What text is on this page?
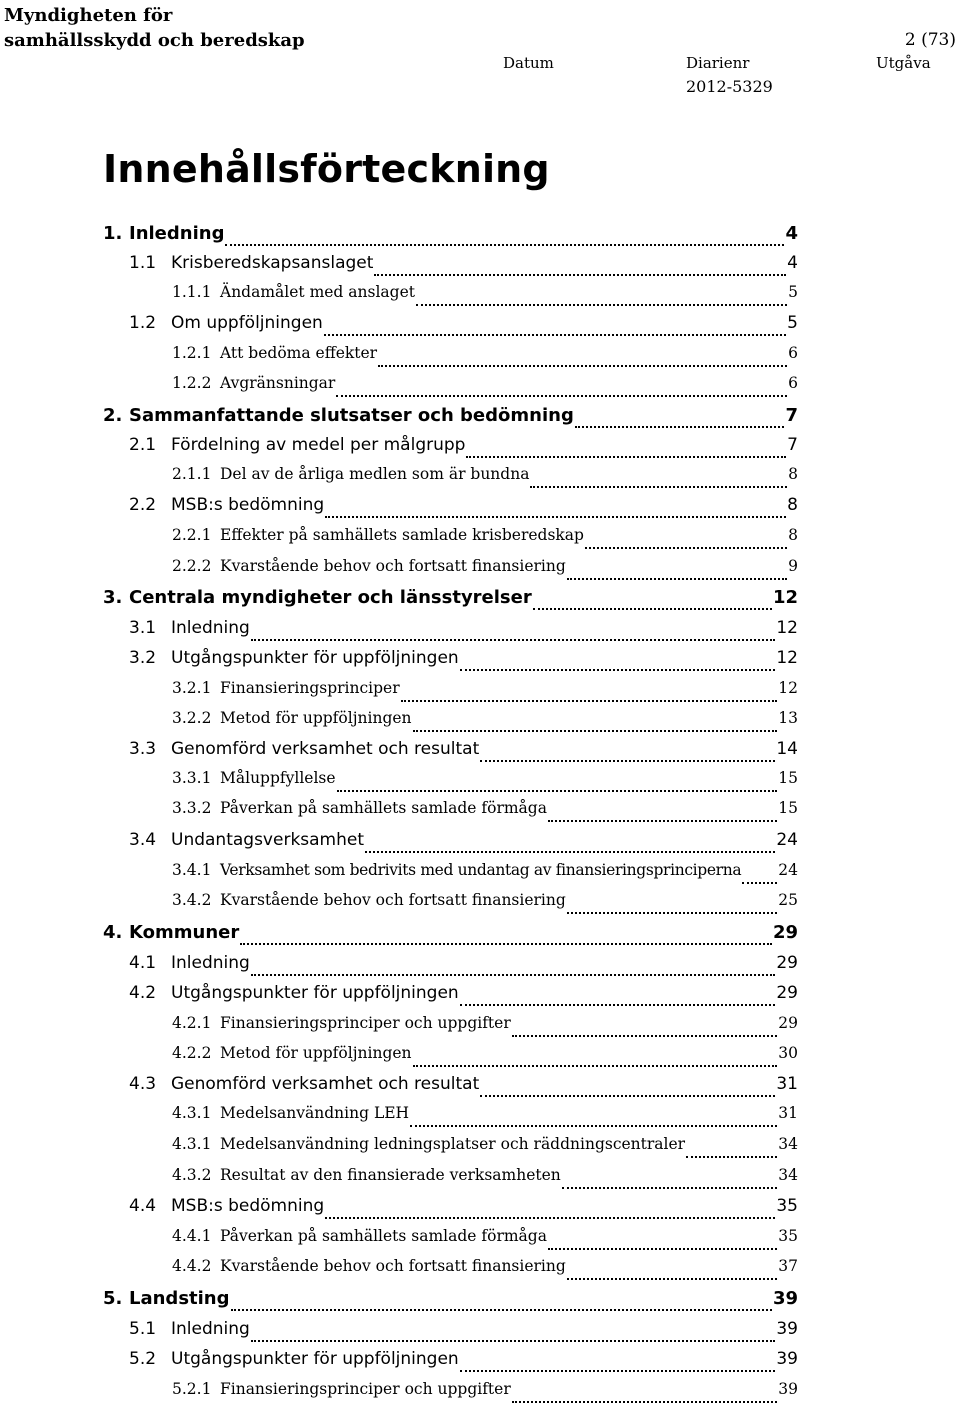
Myndigheten för
samhällsskydd och beredskap	2 (73)
Datum	Diarienr	Utgåva
2012-5329
Innehållsförteckning
1. Inledning	4
1.1 Krisberedskapsanslaget	4
1.1.1 Ändamålet med anslaget	5
1.2 Om uppföljningen	5
1.2.1 Att bedöma effekter	6
1.2.2 Avgränsningar	6
2. Sammanfattande slutsatser och bedömning	7
2.1 Fördelning av medel per målgrupp	7
2.1.1 Del av de årliga medlen som är bundna	8
2.2 MSB:s bedömning	8
2.2.1 Effekter på samhällets samlade krisberedskap	8
2.2.2 Kvarstående behov och fortsatt finansiering	9
3. Centrala myndigheter och länsstyrelser	12
3.1 Inledning	12
3.2 Utgångspunkter för uppföljningen	12
3.2.1 Finansieringsprinciper	12
3.2.2 Metod för uppföljningen	13
3.3 Genomförd verksamhet och resultat	14
3.3.1 Måluppfyllelse	15
3.3.2 Påverkan på samhällets samlade förmåga	15
3.4 Undantagsverksamhet	24
3.4.1 Verksamhet som bedrivits med undantag av finansieringsprinciperna 24
3.4.2 Kvarstående behov och fortsatt finansiering	25
4. Kommuner	29
4.1 Inledning	29
4.2 Utgångspunkter för uppföljningen	29
4.2.1 Finansieringsprinciper och uppgifter	29
4.2.2 Metod för uppföljningen	30
4.3 Genomförd verksamhet och resultat	31
4.3.1 Medelsanvändning LEH	31
4.3.1 Medelsanvändning ledningsplatser och räddningscentraler	34
4.3.2 Resultat av den finansierade verksamheten	34
4.4 MSB:s bedömning	35
4.4.1 Påverkan på samhällets samlade förmåga	35
4.4.2 Kvarstående behov och fortsatt finansiering	37
5. Landsting	39
5.1 Inledning	39
5.2 Utgångspunkter för uppföljningen	39
5.2.1 Finansieringsprinciper och uppgifter	39
